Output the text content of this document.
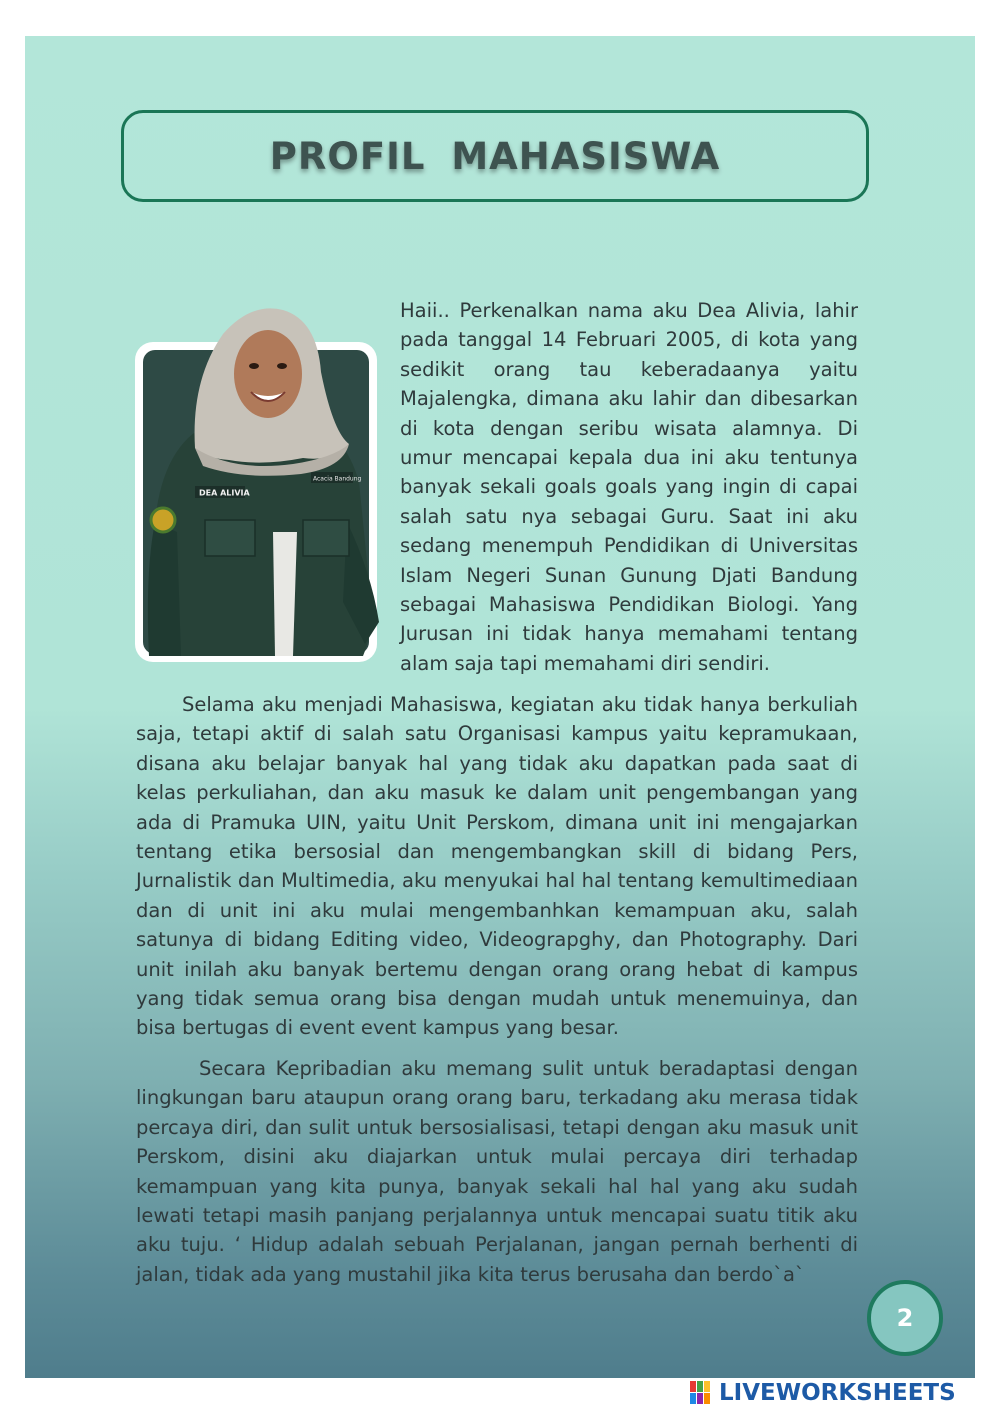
PROFIL MAHASISWA
DEA ALIVIA
Acacia Bandung

Haii.. Perkenalkan nama aku Dea Alivia, lahir pada tanggal 14 Februari 2005, di kota yang sedikit orang tau keberadaanya yaitu Majalengka, dimana aku lahir dan dibesarkan di kota dengan seribu wisata alamnya. Di umur mencapai kepala dua ini aku tentunya banyak sekali goals goals yang ingin di capai salah satu nya sebagai Guru. Saat ini aku sedang menempuh Pendidikan di Universitas Islam Negeri Sunan Gunung Djati Bandung sebagai Mahasiswa Pendidikan Biologi. Yang Jurusan ini tidak hanya memahami tentang alam saja tapi memahami diri sendiri.

Selama aku menjadi Mahasiswa, kegiatan aku tidak hanya berkuliah saja, tetapi aktif di salah satu Organisasi kampus yaitu kepramukaan, disana aku belajar banyak hal yang tidak aku dapatkan pada saat di kelas perkuliahan, dan aku masuk ke dalam unit pengembangan yang ada di Pramuka UIN, yaitu Unit Perskom, dimana unit ini mengajarkan tentang etika bersosial dan mengembangkan skill di bidang Pers, Jurnalistik dan Multimedia, aku menyukai hal hal tentang kemultimediaan dan di unit ini aku mulai mengembanhkan kemampuan aku, salah satunya di bidang Editing video, Videograpghy, dan Photography. Dari unit inilah aku banyak bertemu dengan orang orang hebat di kampus yang tidak semua orang bisa dengan mudah untuk menemuinya, dan bisa bertugas di event event kampus yang besar.

Secara Kepribadian aku memang sulit untuk beradaptasi dengan lingkungan baru ataupun orang orang baru, terkadang aku merasa tidak percaya diri, dan sulit untuk bersosialisasi, tetapi dengan aku masuk unit Perskom, disini aku diajarkan untuk mulai percaya diri terhadap kemampuan yang kita punya, banyak sekali hal hal yang aku sudah lewati tetapi masih panjang perjalannya untuk mencapai suatu titik aku aku tuju. ‘ Hidup adalah sebuah Perjalanan, jangan pernah berhenti di jalan, tidak ada yang mustahil jika kita terus berusaha dan berdo`a`

2
LIVEWORKSHEETS
